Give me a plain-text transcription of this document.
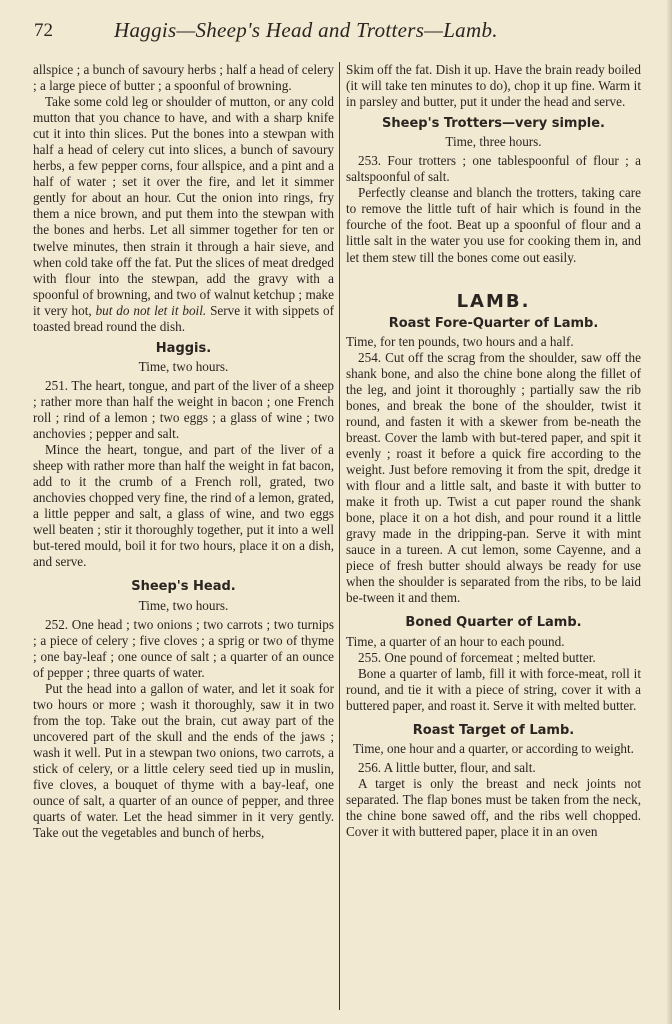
72	Haggis—Sheep's Head and Trotters—Lamb.

allspice ; a bunch of savoury herbs ; half a head of celery ; a large piece of butter ; a spoonful of browning.

Take some cold leg or shoulder of mutton, or any cold mutton that you chance to have, and with a sharp knife cut it into thin slices. Put the bones into a stewpan with half a head of celery cut into slices, a bunch of savoury herbs, a few pepper corns, four allspice, and a pint and a half of water ; set it over the fire, and let it simmer gently for about an hour. Cut the onion into rings, fry them a nice brown, and put them into the stewpan with the bones and herbs. Let all simmer together for ten or twelve minutes, then strain it through a hair sieve, and when cold take off the fat. Put the slices of meat dredged with flour into the stewpan, add the gravy with a spoonful of browning, and two of walnut ketchup ; make it very hot, but do not let it boil. Serve it with sippets of toasted bread round the dish.

Haggis.

Time, two hours.

251. The heart, tongue, and part of the liver of a sheep ; rather more than half the weight in bacon ; one French roll ; rind of a lemon ; two eggs ; a glass of wine ; two anchovies ; pepper and salt.

Mince the heart, tongue, and part of the liver of a sheep with rather more than half the weight in fat bacon, add to it the crumb of a French roll, grated, two anchovies chopped very fine, the rind of a lemon, grated, a little pepper and salt, a glass of wine, and two eggs well beaten ; stir it thoroughly together, put it into a well but-tered mould, boil it for two hours, place it on a dish, and serve.

Sheep's Head.

Time, two hours.

252. One head ; two onions ; two carrots ; two turnips ; a piece of celery ; five cloves ; a sprig or two of thyme ; one bay-leaf ; one ounce of salt ; a quarter of an ounce of pepper ; three quarts of water.

Put the head into a gallon of water, and let it soak for two hours or more ; wash it thoroughly, saw it in two from the top. Take out the brain, cut away part of the uncovered part of the skull and the ends of the jaws ; wash it well. Put in a stewpan two onions, two carrots, a stick of celery, or a little celery seed tied up in muslin, five cloves, a bouquet of thyme with a bay-leaf, one ounce of salt, a quarter of an ounce of pepper, and three quarts of water. Let the head simmer in it very gently. Take out the vegetables and bunch of herbs,

Skim off the fat. Dish it up. Have the brain ready boiled (it will take ten minutes to do), chop it up fine. Warm it in parsley and butter, put it under the head and serve.

Sheep's Trotters—very simple.

Time, three hours.

253. Four trotters ; one tablespoonful of flour ; a saltspoonful of salt.

Perfectly cleanse and blanch the trotters, taking care to remove the little tuft of hair which is found in the fourche of the foot. Beat up a spoonful of flour and a little salt in the water you use for cooking them in, and let them stew till the bones come out easily.

LAMB.
Roast Fore-Quarter of Lamb.

Time, for ten pounds, two hours and a half.

254. Cut off the scrag from the shoulder, saw off the shank bone, and also the chine bone along the fillet of the leg, and joint it thoroughly ; partially saw the rib bones, and break the bone of the shoulder, twist it round, and fasten it with a skewer from be-neath the breast. Cover the lamb with but-tered paper, and spit it evenly ; roast it before a quick fire according to the weight. Just before removing it from the spit, dredge it with flour and a little salt, and baste it with butter to make it froth up. Twist a cut paper round the shank bone, place it on a hot dish, and pour round it a little gravy made in the dripping-pan. Serve it with mint sauce in a tureen. A cut lemon, some Cayenne, and a piece of fresh butter should always be ready for use when the shoulder is separated from the ribs, to be laid be-tween it and them.

Boned Quarter of Lamb.

Time, a quarter of an hour to each pound.

255. One pound of forcemeat ; melted butter.

Bone a quarter of lamb, fill it with force-meat, roll it round, and tie it with a piece of string, cover it with a buttered paper, and roast it. Serve it with melted butter.

Roast Target of Lamb.

Time, one hour and a quarter, or according to weight.

256. A little butter, flour, and salt.

A target is only the breast and neck joints not separated. The flap bones must be taken from the neck, the chine bone sawed off, and the ribs well chopped. Cover it with buttered paper, place it in an oven
